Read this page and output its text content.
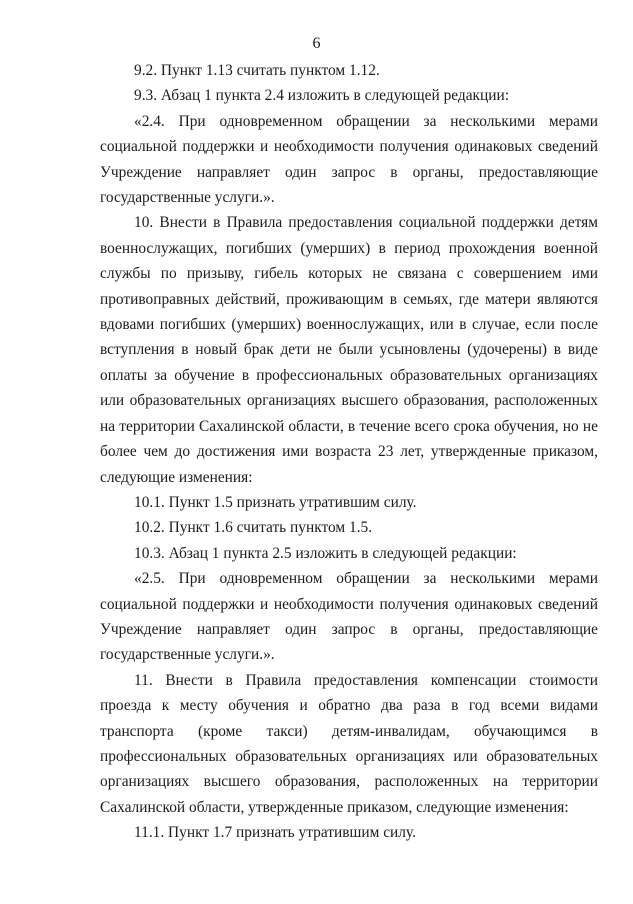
6

9.2. Пункт 1.13 считать пунктом 1.12.

9.3. Абзац 1 пункта 2.4 изложить в следующей редакции:

«2.4. При одновременном обращении за несколькими мерами социальной поддержки и необходимости получения одинаковых сведений Учреждение направляет один запрос в органы, предоставляющие государственные услуги.».

10. Внести в Правила предоставления социальной поддержки детям военнослужащих, погибших (умерших) в период прохождения военной службы по призыву, гибель которых не связана с совершением ими противоправных действий, проживающим в семьях, где матери являются вдовами погибших (умерших) военнослужащих, или в случае, если после вступления в новый брак дети не были усыновлены (удочерены) в виде оплаты за обучение в профессиональных образовательных организациях или образовательных организациях высшего образования, расположенных на территории Сахалинской области, в течение всего срока обучения, но не более чем до достижения ими возраста 23 лет, утвержденные приказом, следующие изменения:

10.1. Пункт 1.5 признать утратившим силу.

10.2. Пункт 1.6 считать пунктом 1.5.

10.3. Абзац 1 пункта 2.5 изложить в следующей редакции:

«2.5. При одновременном обращении за несколькими мерами социальной поддержки и необходимости получения одинаковых сведений Учреждение направляет один запрос в органы, предоставляющие государственные услуги.».

11. Внести в Правила предоставления компенсации стоимости проезда к месту обучения и обратно два раза в год всеми видами транспорта (кроме такси) детям-инвалидам, обучающимся в профессиональных образовательных организациях или образовательных организациях высшего образования, расположенных на территории Сахалинской области, утвержденные приказом, следующие изменения:

11.1. Пункт 1.7 признать утратившим силу.
